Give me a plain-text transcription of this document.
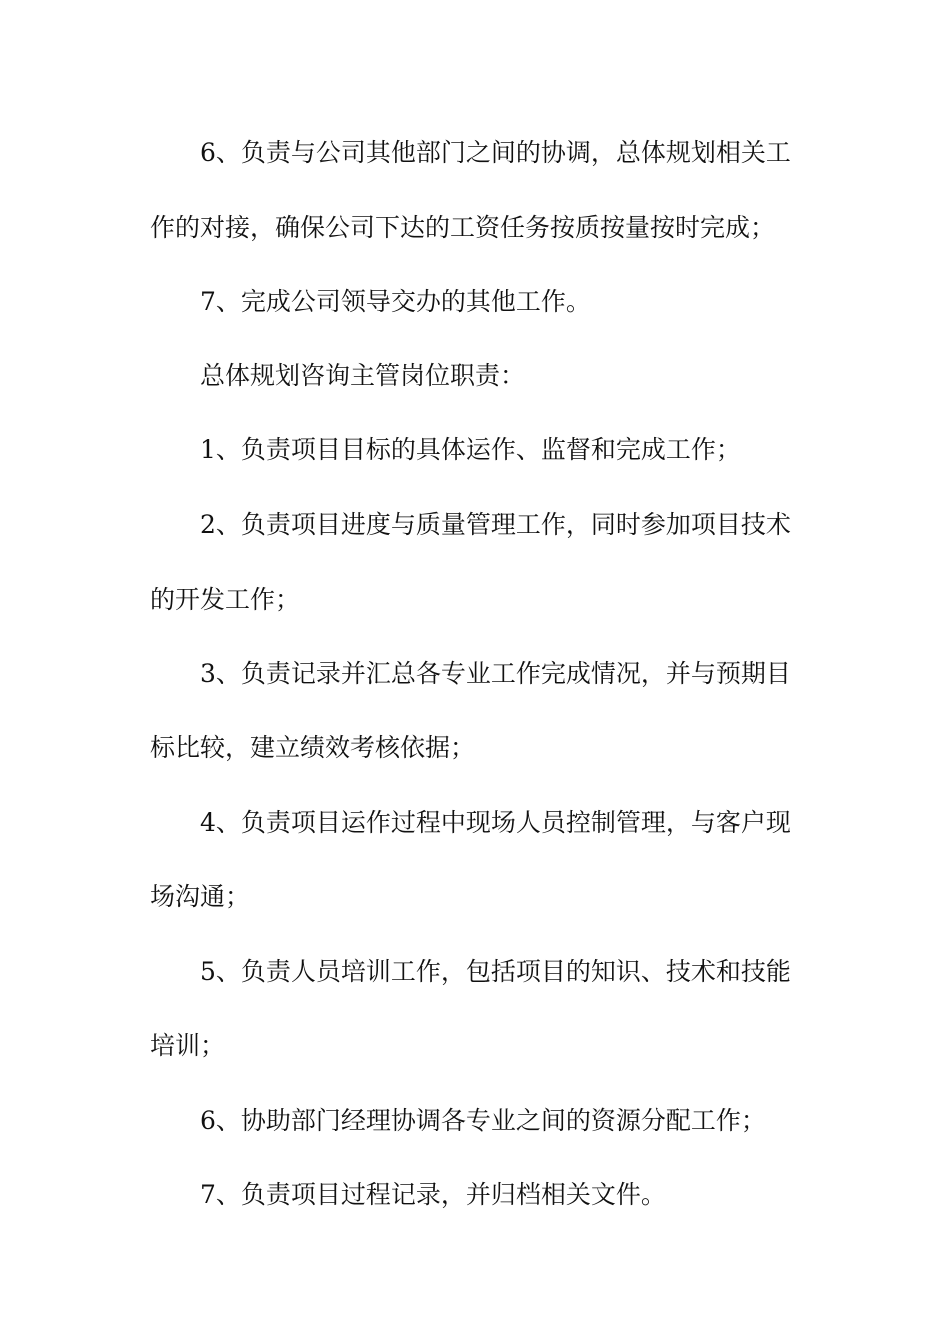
　　6、负责与公司其他部门之间的协调，总体规划相关工
作的对接，确保公司下达的工资任务按质按量按时完成；
　　7、完成公司领导交办的其他工作。
　　总体规划咨询主管岗位职责：
　　1、负责项目目标的具体运作、监督和完成工作；
　　2、负责项目进度与质量管理工作，同时参加项目技术
的开发工作；
　　3、负责记录并汇总各专业工作完成情况，并与预期目
标比较，建立绩效考核依据；
　　4、负责项目运作过程中现场人员控制管理，与客户现
场沟通；
　　5、负责人员培训工作，包括项目的知识、技术和技能
培训；
　　6、协助部门经理协调各专业之间的资源分配工作；
　　7、负责项目过程记录，并归档相关文件。
